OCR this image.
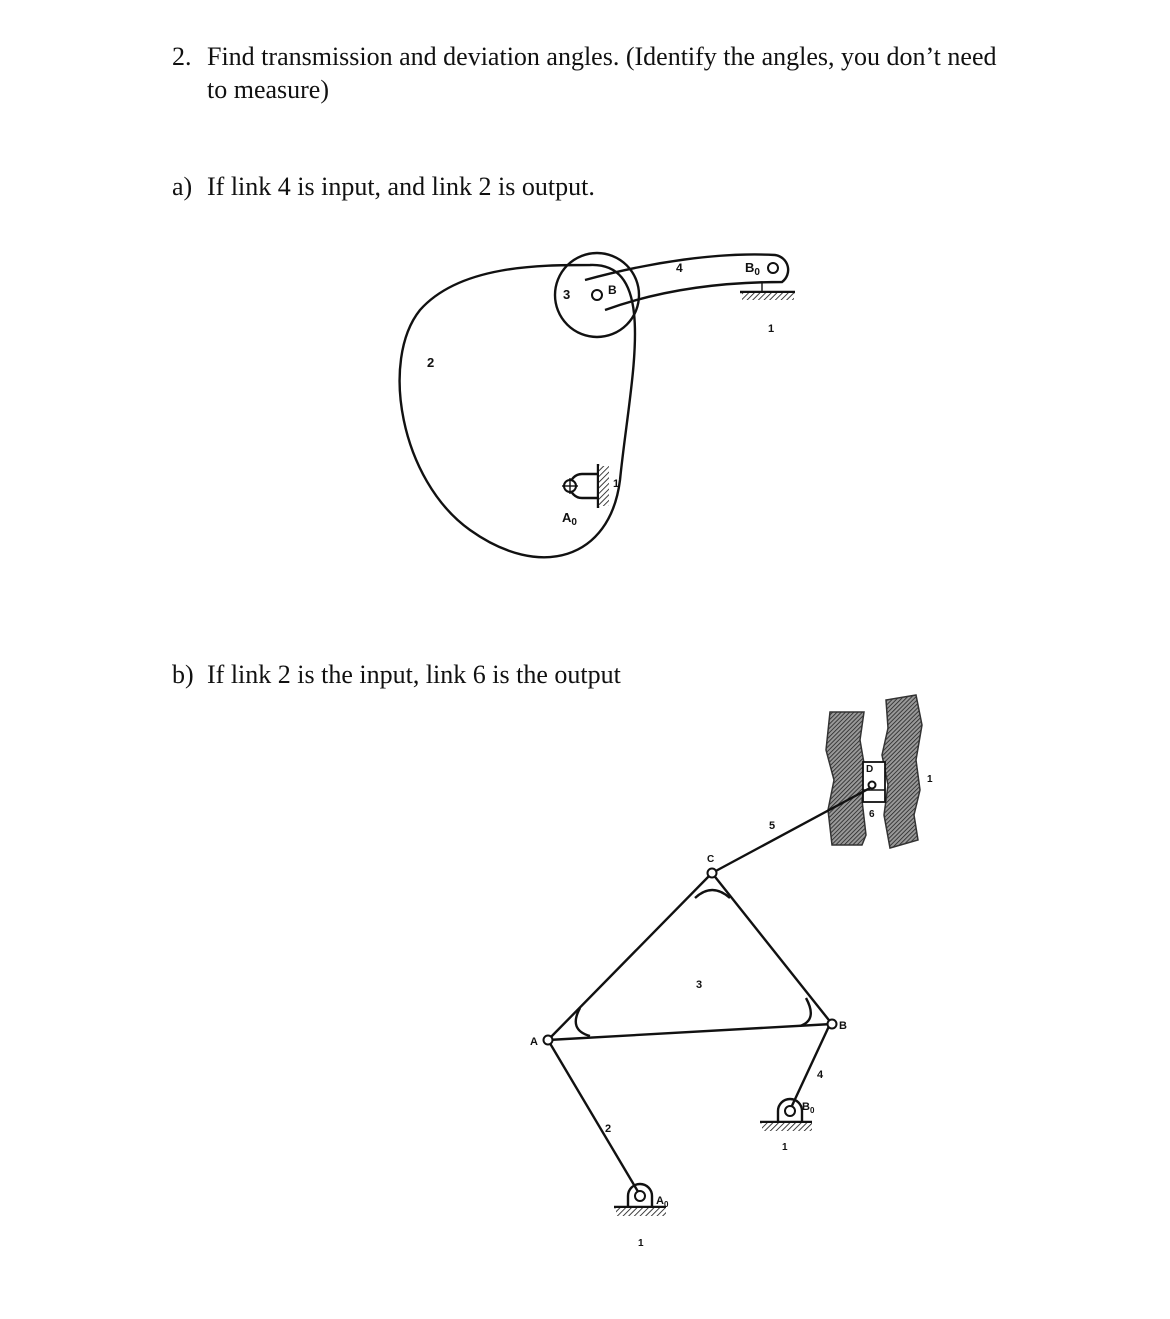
2. Find transmission and deviation angles. (Identify the angles, you don’t need
to measure)
a) If link 4 is input, and link 2 is output.
b) If link 2 is the input, link 6 is the output
2
3	B
4	$B_0$
1
1
$A_0$
A
B
C
D
2
3
4
5
6
1
1
1
$A_0$
$B_0$
